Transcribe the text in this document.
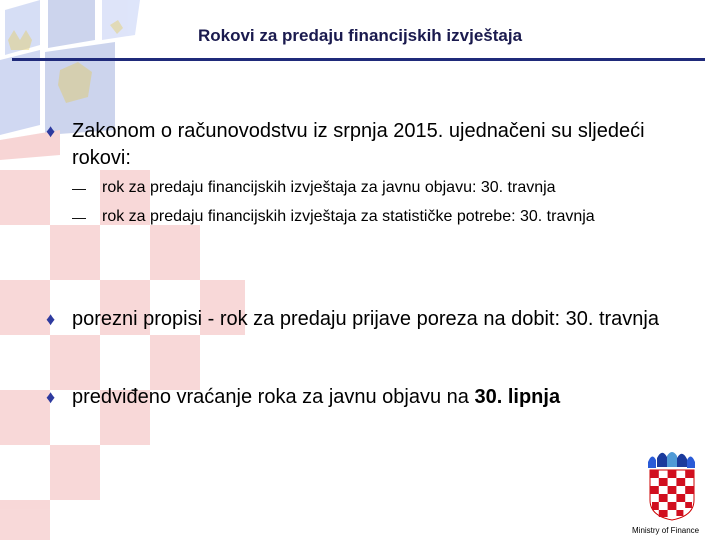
Rokovi za predaju financijskih izvještaja
♦ Zakonom o računovodstvu iz srpnja 2015. ujednačeni su sljedeći rokovi:
—	rok za predaju financijskih izvještaja za javnu objavu: 30. travnja
—	rok za predaju financijskih izvještaja za statističke potrebe: 30. travnja
♦ porezni propisi - rok za predaju prijave poreza na dobit: 30. travnja
♦ predviđeno vraćanje roka za javnu objavu na 30. lipnja
Ministry of Finance
